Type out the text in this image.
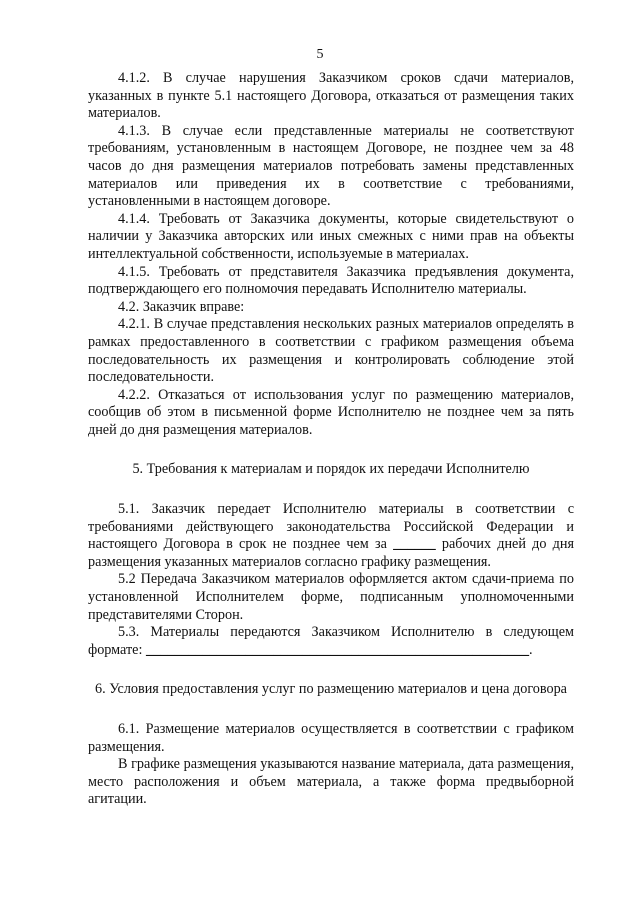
5

4.1.2. В случае нарушения Заказчиком сроков сдачи материалов, указанных в пункте 5.1 настоящего Договора, отказаться от размещения таких материалов.

4.1.3. В случае если представленные материалы не соответствуют требованиям, установленным в настоящем Договоре, не позднее чем за 48 часов до дня размещения материалов потребовать замены представленных материалов или приведения их в соответствие с требованиями, установленными в настоящем договоре.

4.1.4. Требовать от Заказчика документы, которые свидетельствуют о наличии у Заказчика авторских или иных смежных с ними прав на объекты интеллектуальной собственности, используемые в материалах.

4.1.5. Требовать от представителя Заказчика предъявления документа, подтверждающего его полномочия передавать Исполнителю материалы.

4.2. Заказчик вправе:

4.2.1. В случае представления нескольких разных материалов определять в рамках предоставленного в соответствии с графиком размещения объема последовательность их размещения и контролировать соблюдение этой последовательности.

4.2.2. Отказаться от использования услуг по размещению материалов, сообщив об этом в письменной форме Исполнителю не позднее чем за пять дней до дня размещения материалов.

5. Требования к материалам и порядок их передачи Исполнителю

5.1. Заказчик передает Исполнителю материалы в соответствии с требованиями действующего законодательства Российской Федерации и настоящего Договора в срок не позднее чем за ______ рабочих дней до дня размещения указанных материалов согласно графику размещения.

5.2 Передача Заказчиком материалов оформляется актом сдачи-приема по установленной Исполнителем форме, подписанным уполномоченными представителями Сторон.

5.3. Материалы передаются Заказчиком Исполнителю в следующем формате: ______________________________________________________.

6. Условия предоставления услуг по размещению материалов и цена договора

6.1. Размещение материалов осуществляется в соответствии с графиком размещения.

В графике размещения указываются название материала, дата размещения, место расположения и объем материала, а также форма предвыборной агитации.
